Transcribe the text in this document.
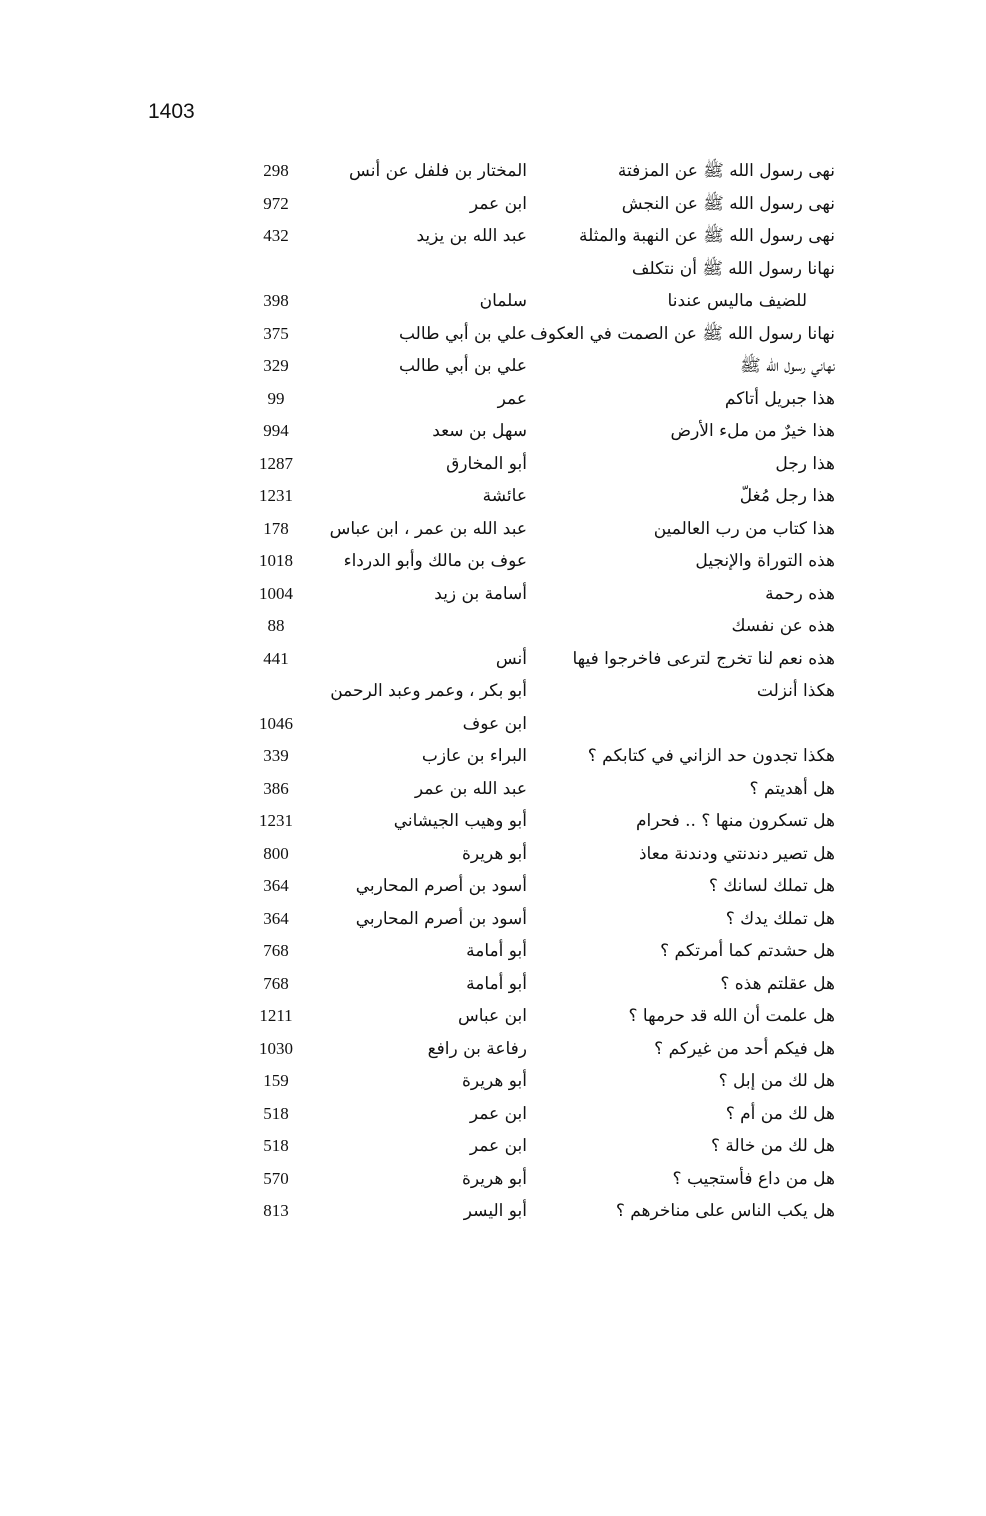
1403
نهى رسول الله ﷺ عن المزفتة
المختار بن فلفل عن أنس
298
نهى رسول الله ﷺ عن النجش
ابن عمر
972
نهى رسول الله ﷺ عن النهبة والمثلة
عبد الله بن يزيد
432
نهانا رسول الله ﷺ أن نتكلف
للضيف ماليس عندنا
سلمان
398
نهانا رسول الله ﷺ عن الصمت في العكوف
علي بن أبي طالب
375
نهاني رسول الله ﷺ
علي بن أبي طالب
329
هذا جبريل أتاكم
عمر
99
هذا خيرٌ من ملء الأرض
سهل بن سعد
994
هذا رجل
أبو المخارق
1287
هذا رجل مُغلّ
عائشة
1231
هذا كتاب من رب العالمين
عبد الله بن عمر ، ابن عباس
178
هذه التوراة والإنجيل
عوف بن مالك وأبو الدرداء
1018
هذه رحمة
أسامة بن زيد
1004
هذه عن نفسك
88
هذه نعم لنا تخرج لترعى فاخرجوا فيها
أنس
441
هكذا أنزلت
أبو بكر ، وعمر وعبد الرحمن
ابن عوف
1046
هكذا تجدون حد الزاني في كتابكم ؟
البراء بن عازب
339
هل أهديتم ؟
عبد الله بن عمر
386
هل تسكرون منها ؟ .. فحرام
أبو وهيب الجيشاني
1231
هل تصير دندنتي ودندنة معاذ
أبو هريرة
800
هل تملك لسانك ؟
أسود بن أصرم المحاربي
364
هل تملك يدك ؟
أسود بن أصرم المحاربي
364
هل حشدتم كما أمرتكم ؟
أبو أمامة
768
هل عقلتم هذه ؟
أبو أمامة
768
هل علمت أن الله قد حرمها ؟
ابن عباس
1211
هل فيكم أحد من غيركم ؟
رفاعة بن رافع
1030
هل لك من إبل ؟
أبو هريرة
159
هل لك من أم ؟
ابن عمر
518
هل لك من خالة ؟
ابن عمر
518
هل من داع فأستجيب ؟
أبو هريرة
570
هل يكب الناس على مناخرهم ؟
أبو اليسر
813
